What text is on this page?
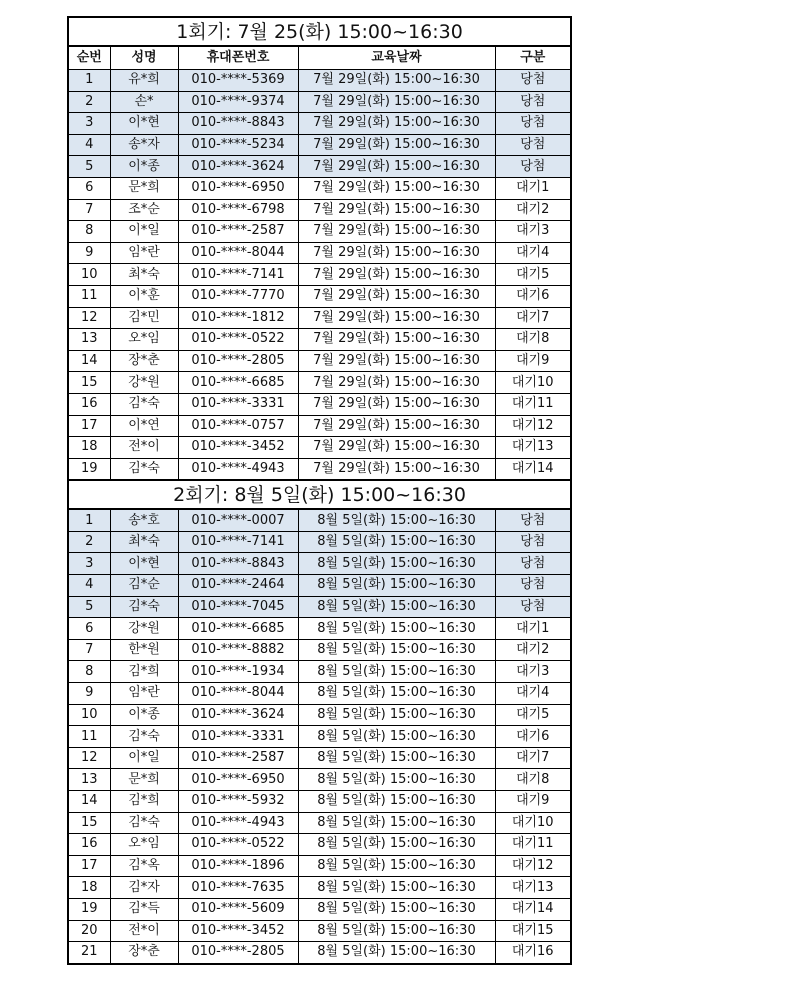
1회기: 7월 25(화) 15:00~16:30				
순번	성명	휴대폰번호	교육날짜	구분
1	유*희	010-****-5369	7월 29일(화) 15:00~16:30	당첨
2	손*	010-****-9374	7월 29일(화) 15:00~16:30	당첨
3	이*현	010-****-8843	7월 29일(화) 15:00~16:30	당첨
4	송*자	010-****-5234	7월 29일(화) 15:00~16:30	당첨
5	이*종	010-****-3624	7월 29일(화) 15:00~16:30	당첨
6	문*희	010-****-6950	7월 29일(화) 15:00~16:30	대기1
7	조*순	010-****-6798	7월 29일(화) 15:00~16:30	대기2
8	이*일	010-****-2587	7월 29일(화) 15:00~16:30	대기3
9	임*란	010-****-8044	7월 29일(화) 15:00~16:30	대기4
10	최*숙	010-****-7141	7월 29일(화) 15:00~16:30	대기5
11	이*훈	010-****-7770	7월 29일(화) 15:00~16:30	대기6
12	김*민	010-****-1812	7월 29일(화) 15:00~16:30	대기7
13	오*임	010-****-0522	7월 29일(화) 15:00~16:30	대기8
14	장*춘	010-****-2805	7월 29일(화) 15:00~16:30	대기9
15	강*원	010-****-6685	7월 29일(화) 15:00~16:30	대기10
16	김*숙	010-****-3331	7월 29일(화) 15:00~16:30	대기11
17	이*연	010-****-0757	7월 29일(화) 15:00~16:30	대기12
18	전*이	010-****-3452	7월 29일(화) 15:00~16:30	대기13
19	김*숙	010-****-4943	7월 29일(화) 15:00~16:30	대기14
2회기: 8월 5일(화) 15:00~16:30				
1	송*호	010-****-0007	8월 5일(화) 15:00~16:30	당첨
2	최*숙	010-****-7141	8월 5일(화) 15:00~16:30	당첨
3	이*현	010-****-8843	8월 5일(화) 15:00~16:30	당첨
4	김*순	010-****-2464	8월 5일(화) 15:00~16:30	당첨
5	김*숙	010-****-7045	8월 5일(화) 15:00~16:30	당첨
6	강*원	010-****-6685	8월 5일(화) 15:00~16:30	대기1
7	한*원	010-****-8882	8월 5일(화) 15:00~16:30	대기2
8	김*희	010-****-1934	8월 5일(화) 15:00~16:30	대기3
9	임*란	010-****-8044	8월 5일(화) 15:00~16:30	대기4
10	이*종	010-****-3624	8월 5일(화) 15:00~16:30	대기5
11	김*숙	010-****-3331	8월 5일(화) 15:00~16:30	대기6
12	이*일	010-****-2587	8월 5일(화) 15:00~16:30	대기7
13	문*희	010-****-6950	8월 5일(화) 15:00~16:30	대기8
14	김*희	010-****-5932	8월 5일(화) 15:00~16:30	대기9
15	김*숙	010-****-4943	8월 5일(화) 15:00~16:30	대기10
16	오*임	010-****-0522	8월 5일(화) 15:00~16:30	대기11
17	김*옥	010-****-1896	8월 5일(화) 15:00~16:30	대기12
18	김*자	010-****-7635	8월 5일(화) 15:00~16:30	대기13
19	김*득	010-****-5609	8월 5일(화) 15:00~16:30	대기14
20	전*이	010-****-3452	8월 5일(화) 15:00~16:30	대기15
21	장*춘	010-****-2805	8월 5일(화) 15:00~16:30	대기16
